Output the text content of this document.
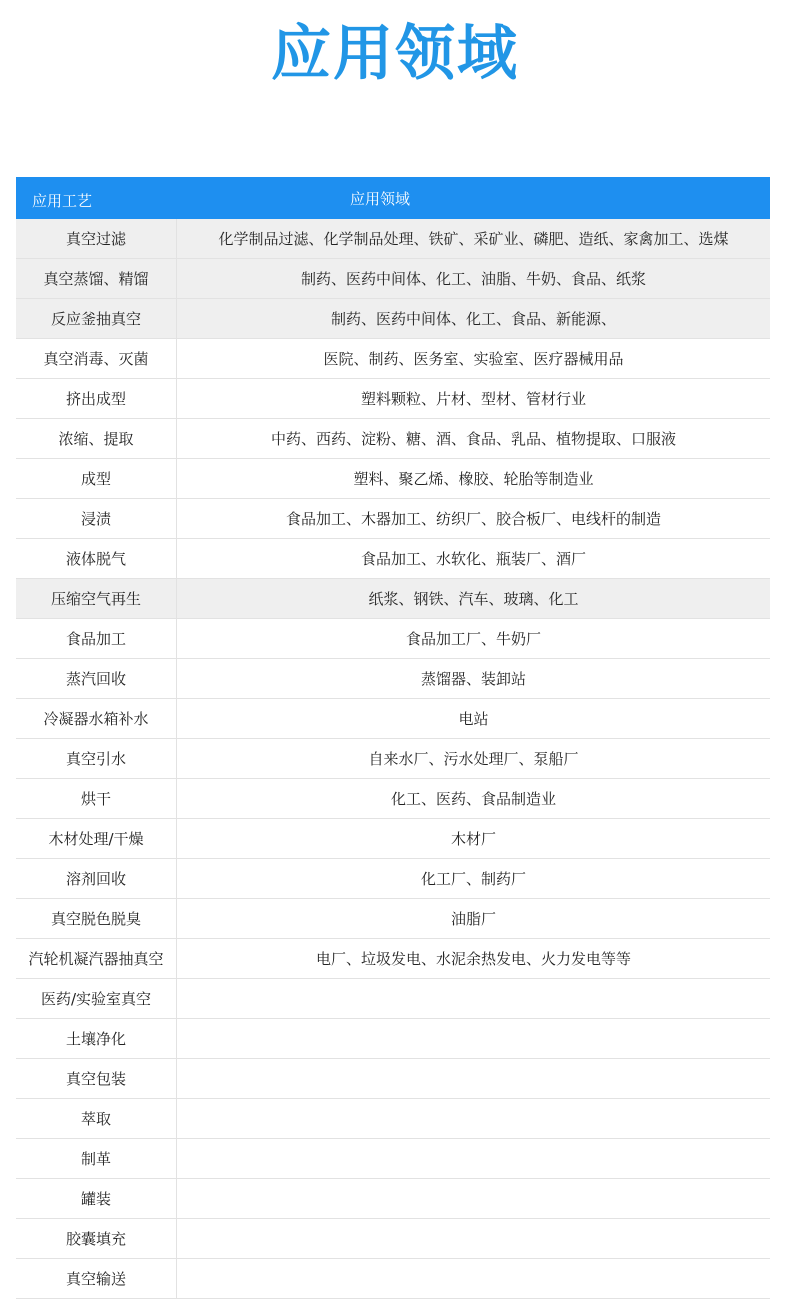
应用领域
应用工艺	应用领域
真空过滤	化学制品过滤、化学制品处理、铁矿、采矿业、磷肥、造纸、家禽加工、选煤
真空蒸馏、精馏	制药、医药中间体、化工、油脂、牛奶、食品、纸浆
反应釜抽真空	制药、医药中间体、化工、食品、新能源、
真空消毒、灭菌	医院、制药、医务室、实验室、医疗器械用品
挤出成型	塑料颗粒、片材、型材、管材行业
浓缩、提取	中药、西药、淀粉、糖、酒、食品、乳品、植物提取、口服液
成型	塑料、聚乙烯、橡胶、轮胎等制造业
浸渍	食品加工、木器加工、纺织厂、胶合板厂、电线杆的制造
液体脱气	食品加工、水软化、瓶装厂、酒厂
压缩空气再生	纸浆、钢铁、汽车、玻璃、化工
食品加工	食品加工厂、牛奶厂
蒸汽回收	蒸馏器、装卸站
冷凝器水箱补水	电站
真空引水	自来水厂、污水处理厂、泵船厂
烘干	化工、医药、食品制造业
木材处理/干燥	木材厂
溶剂回收	化工厂、制药厂
真空脱色脱臭	油脂厂
汽轮机凝汽器抽真空	电厂、垃圾发电、水泥余热发电、火力发电等等
医药/实验室真空
土壤净化
真空包装
萃取
制革
罐装
胶囊填充
真空输送
